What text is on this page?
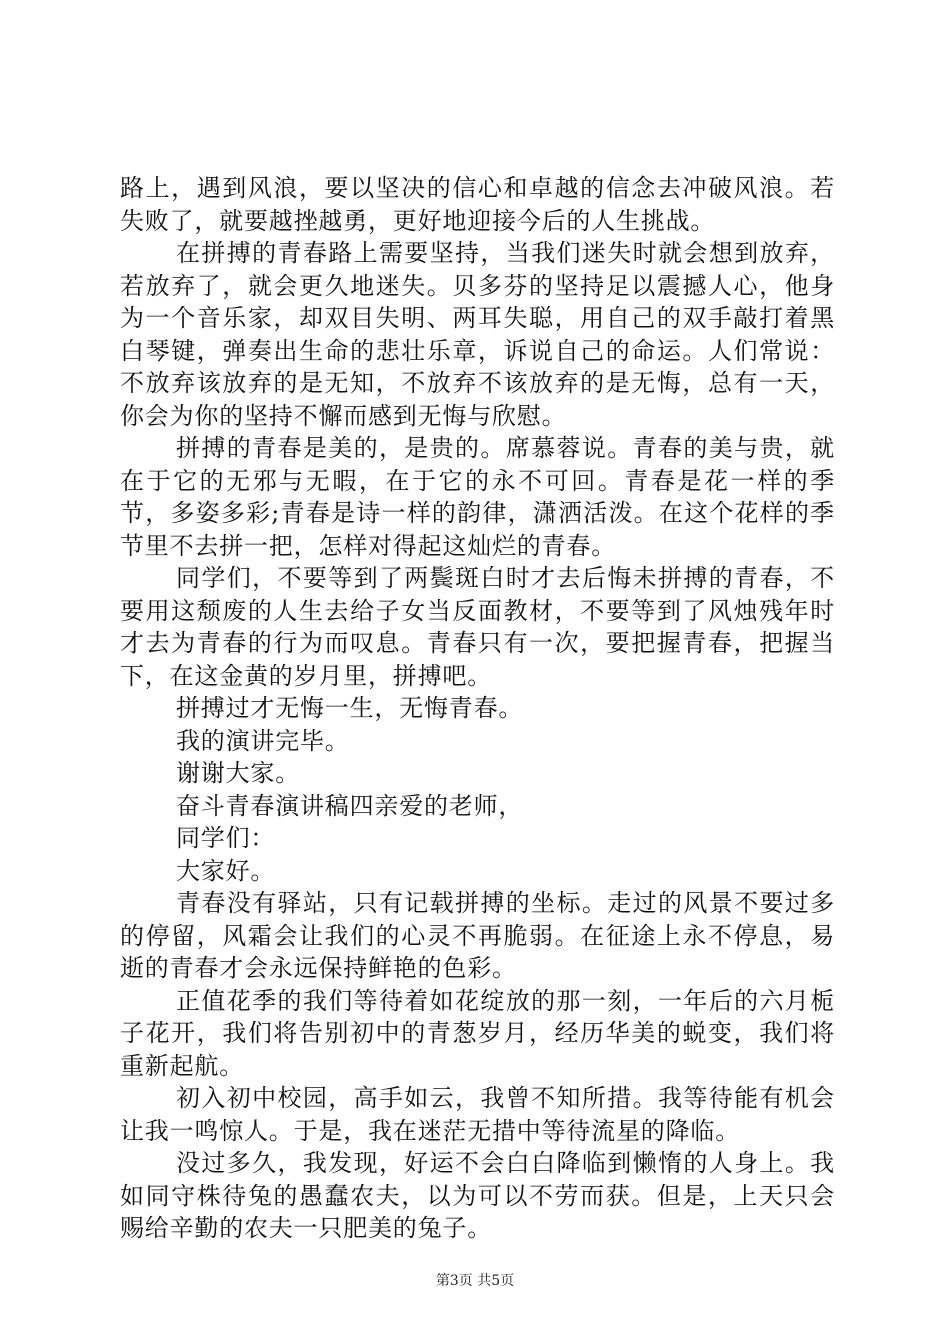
路上，遇到风浪，要以坚决的信心和卓越的信念去冲破风浪。若失败了，就要越挫越勇，更好地迎接今后的人生挑战。

在拼搏的青春路上需要坚持，当我们迷失时就会想到放弃，若放弃了，就会更久地迷失。贝多芬的坚持足以震撼人心，他身为一个音乐家，却双目失明、两耳失聪，用自己的双手敲打着黑白琴键，弹奏出生命的悲壮乐章，诉说自己的命运。人们常说：不放弃该放弃的是无知，不放弃不该放弃的是无悔，总有一天，你会为你的坚持不懈而感到无悔与欣慰。

拼搏的青春是美的，是贵的。席慕蓉说。青春的美与贵，就在于它的无邪与无暇，在于它的永不可回。青春是花一样的季节，多姿多彩;青春是诗一样的韵律，潇洒活泼。在这个花样的季节里不去拼一把，怎样对得起这灿烂的青春。

同学们，不要等到了两鬓斑白时才去后悔未拼搏的青春，不要用这颓废的人生去给子女当反面教材，不要等到了风烛残年时才去为青春的行为而叹息。青春只有一次，要把握青春，把握当下，在这金黄的岁月里，拼搏吧。

拼搏过才无悔一生，无悔青春。

我的演讲完毕。

谢谢大家。

奋斗青春演讲稿四亲爱的老师，

同学们：

大家好。

青春没有驿站，只有记载拼搏的坐标。走过的风景不要过多的停留，风霜会让我们的心灵不再脆弱。在征途上永不停息，易逝的青春才会永远保持鲜艳的色彩。

正值花季的我们等待着如花绽放的那一刻，一年后的六月栀子花开，我们将告别初中的青葱岁月，经历华美的蜕变，我们将重新起航。

初入初中校园，高手如云，我曾不知所措。我等待能有机会让我一鸣惊人。于是，我在迷茫无措中等待流星的降临。

没过多久，我发现，好运不会白白降临到懒惰的人身上。我如同守株待兔的愚蠢农夫，以为可以不劳而获。但是，上天只会赐给辛勤的农夫一只肥美的兔子。

第3页 共5页
